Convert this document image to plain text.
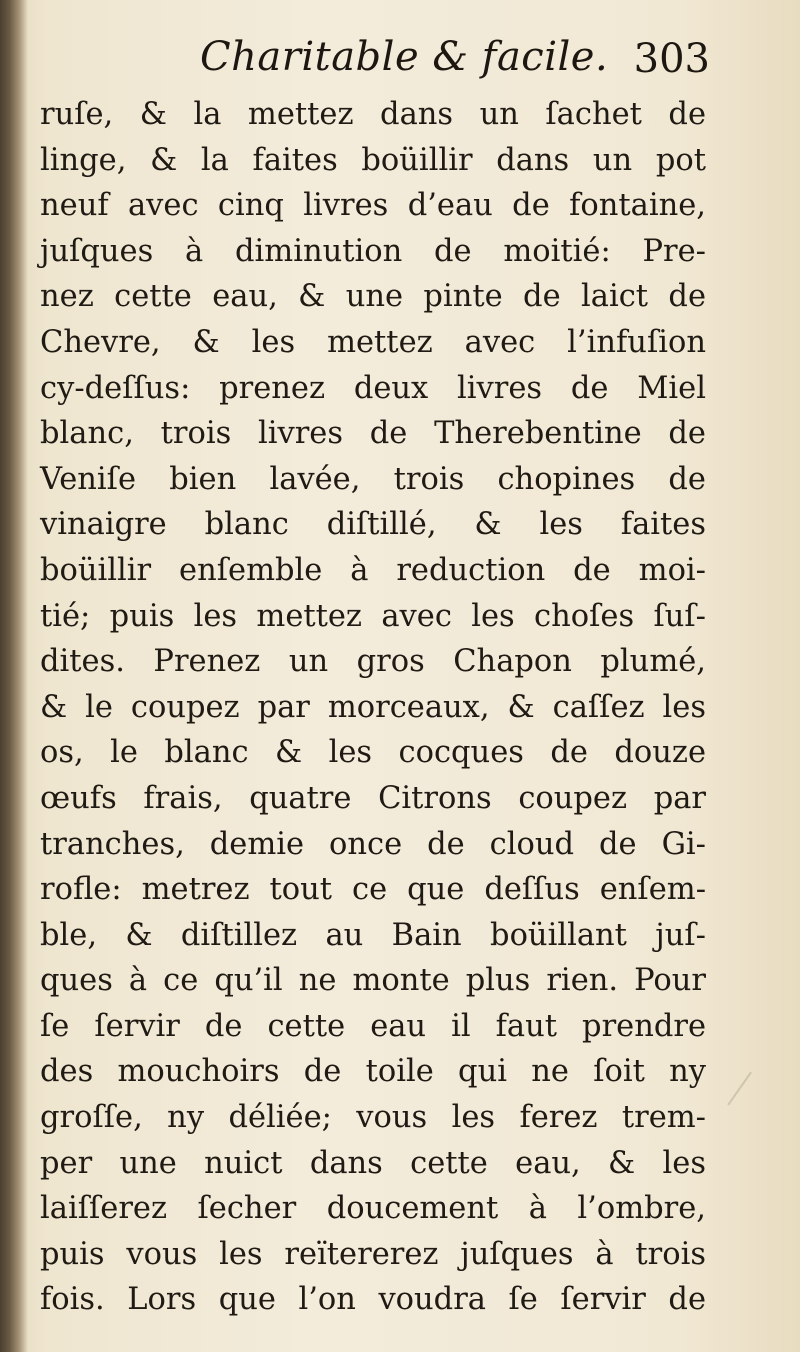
Charitable & facile. 303
ruſe, & la mettez dans un ſachet de
linge, & la faites boüillir dans un pot
neuf avec cinq livres d’eau de fontaine,
juſques à diminution de moitié: Pre-
nez cette eau, & une pinte de laict de
Chevre, & les mettez avec l’infuſion
cy-deſſus: prenez deux livres de Miel
blanc, trois livres de Therebentine de
Veniſe bien lavée, trois chopines de
vinaigre blanc diſtillé, & les faites
boüillir enſemble à reduction de moi-
tié; puis les mettez avec les choſes ſuſ-
dites. Prenez un gros Chapon plumé,
& le coupez par morceaux, & caſſez les
os, le blanc & les cocques de douze
œufs frais, quatre Citrons coupez par
tranches, demie once de cloud de Gi-
rofle: metrez tout ce que deſſus enſem-
ble, & diſtillez au Bain boüillant juſ-
ques à ce qu’il ne monte plus rien. Pour
ſe ſervir de cette eau il faut prendre
des mouchoirs de toile qui ne ſoit ny
groſſe, ny déliée; vous les ferez trem-
per une nuict dans cette eau, & les
laiſſerez ſecher doucement à l’ombre,
puis vous les reïtererez juſques à trois
fois. Lors que l’on voudra ſe ſervir de
